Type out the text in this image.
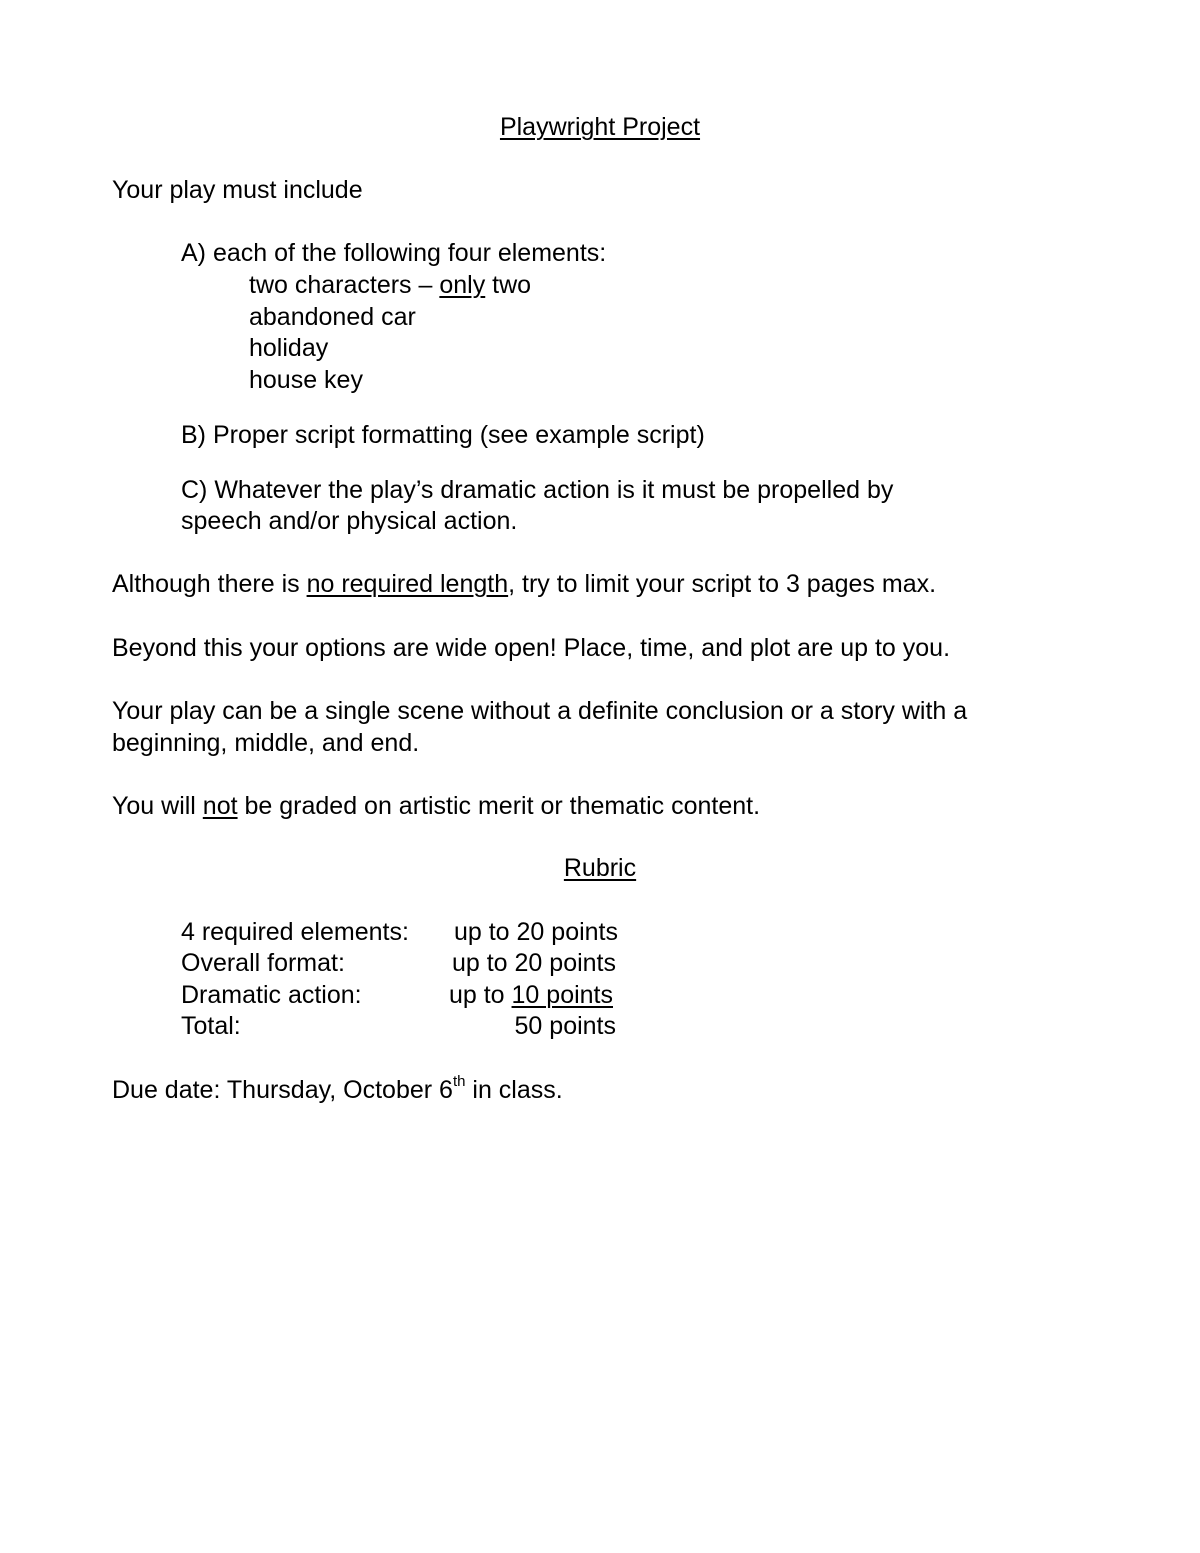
Playwright Project
Your play must include
A) each of the following four elements:
two characters – only two
abandoned car
holiday
house key
B) Proper script formatting (see example script)
C) Whatever the play’s dramatic action is it must be propelled by
speech and/or physical action.
Although there is no required length, try to limit your script to 3 pages max.
Beyond this your options are wide open! Place, time, and plot are up to you.
Your play can be a single scene without a definite conclusion or a story with a
beginning, middle, and end.
You will not be graded on artistic merit or thematic content.
Rubric
4 required elements:	up to 20 points
Overall format:	up to 20 points
Dramatic action:	up to 10 points
Total:	50 points
Due date: Thursday, October 6th in class.
